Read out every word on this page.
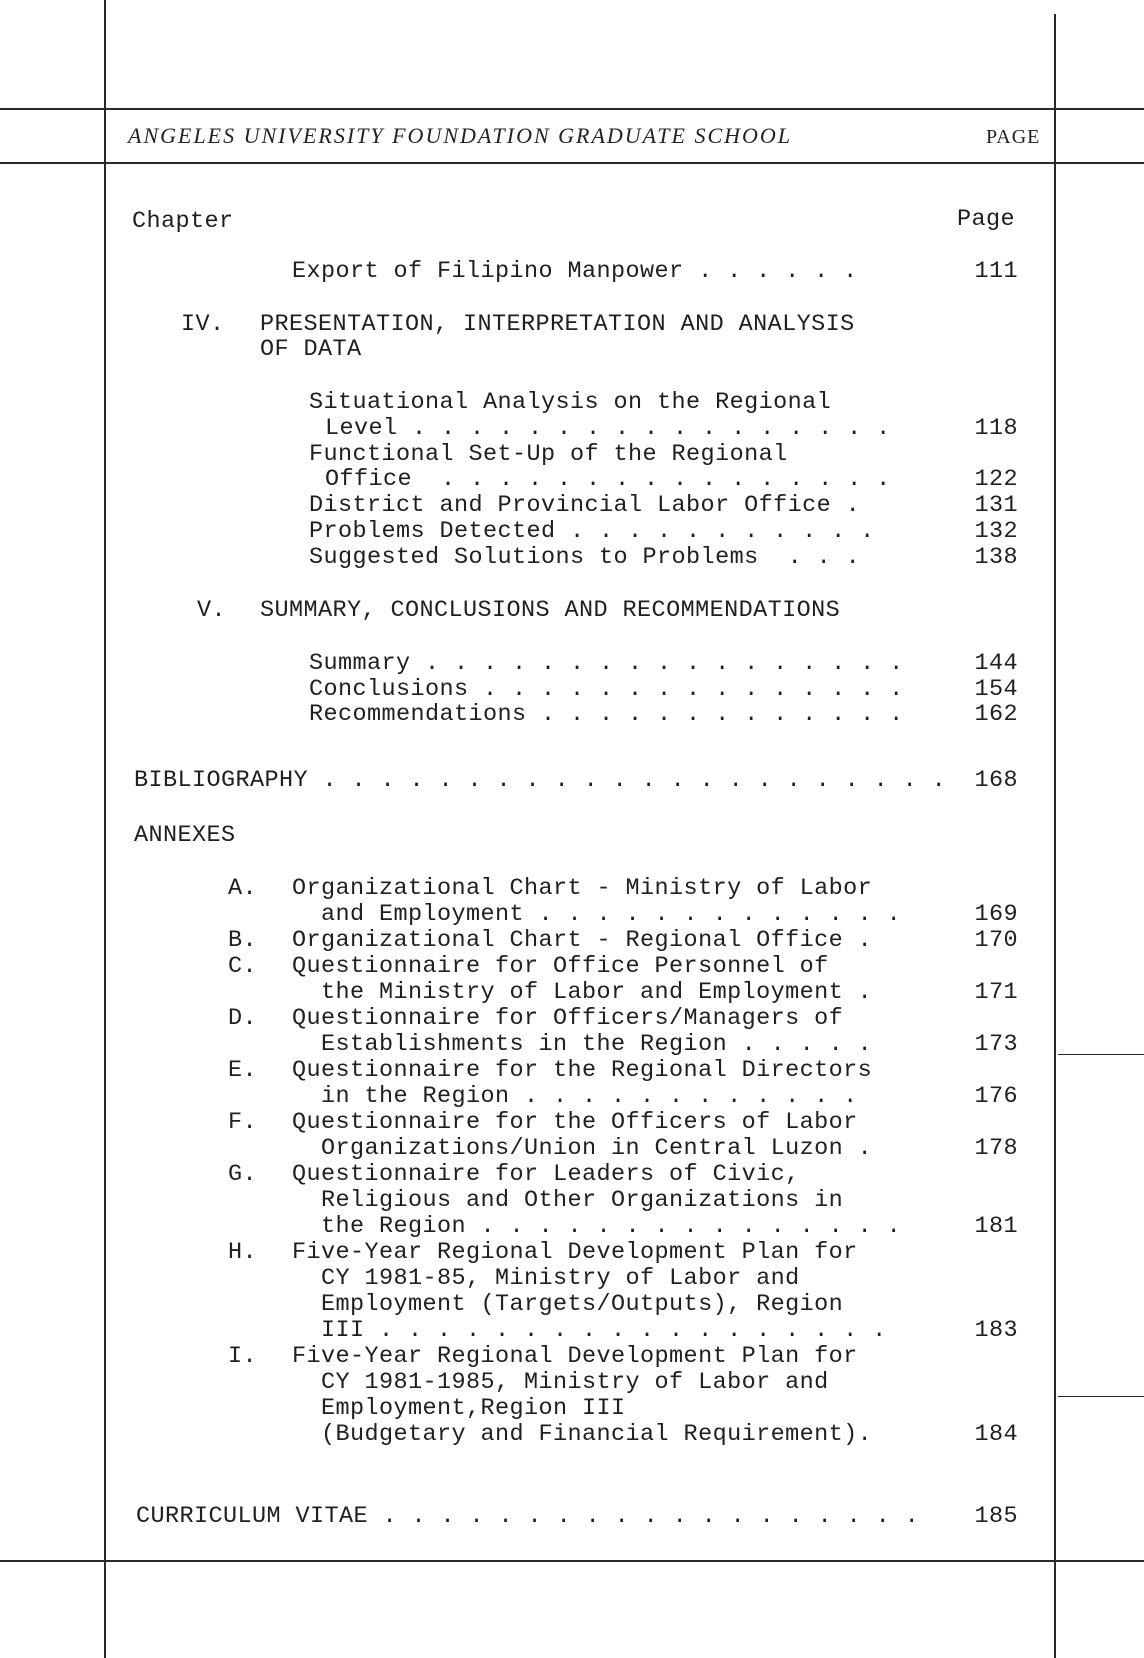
ANGELES UNIVERSITY FOUNDATION GRADUATE SCHOOL	PAGE
Chapter	Page
Export of Filipino Manpower . . . . . .	111
IV. PRESENTATION, INTERPRETATION AND ANALYSIS
OF DATA
Situational Analysis on the Regional
Level . . . . . . . . . . . . . . . . .	118
Functional Set-Up of the Regional
Office  . . . . . . . . . . . . . . . .	122
District and Provincial Labor Office .	131
Problems Detected . . . . . . . . . . .	132
Suggested Solutions to Problems  . . .	138
V. SUMMARY, CONCLUSIONS AND RECOMMENDATIONS
Summary . . . . . . . . . . . . . . . . .	144
Conclusions . . . . . . . . . . . . . . .	154
Recommendations . . . . . . . . . . . . .	162
BIBLIOGRAPHY . . . . . . . . . . . . . . . . . . . . . .	168
ANNEXES
A. Organizational Chart - Ministry of Labor
and Employment . . . . . . . . . . . . .	169
B. Organizational Chart - Regional Office .	170
C. Questionnaire for Office Personnel of
the Ministry of Labor and Employment .	171
D. Questionnaire for Officers/Managers of
Establishments in the Region . . . . .	173
E. Questionnaire for the Regional Directors
in the Region . . . . . . . . . . . .	176
F. Questionnaire for the Officers of Labor
Organizations/Union in Central Luzon .	178
G. Questionnaire for Leaders of Civic,
Religious and Other Organizations in
the Region . . . . . . . . . . . . . . .	181
H. Five-Year Regional Development Plan for
CY 1981-85, Ministry of Labor and
Employment (Targets/Outputs), Region
III . . . . . . . . . . . . . . . . . .	183
I. Five-Year Regional Development Plan for
CY 1981-1985, Ministry of Labor and
Employment,Region III
(Budgetary and Financial Requirement).	184
CURRICULUM VITAE . . . . . . . . . . . . . . . . . . .	185
